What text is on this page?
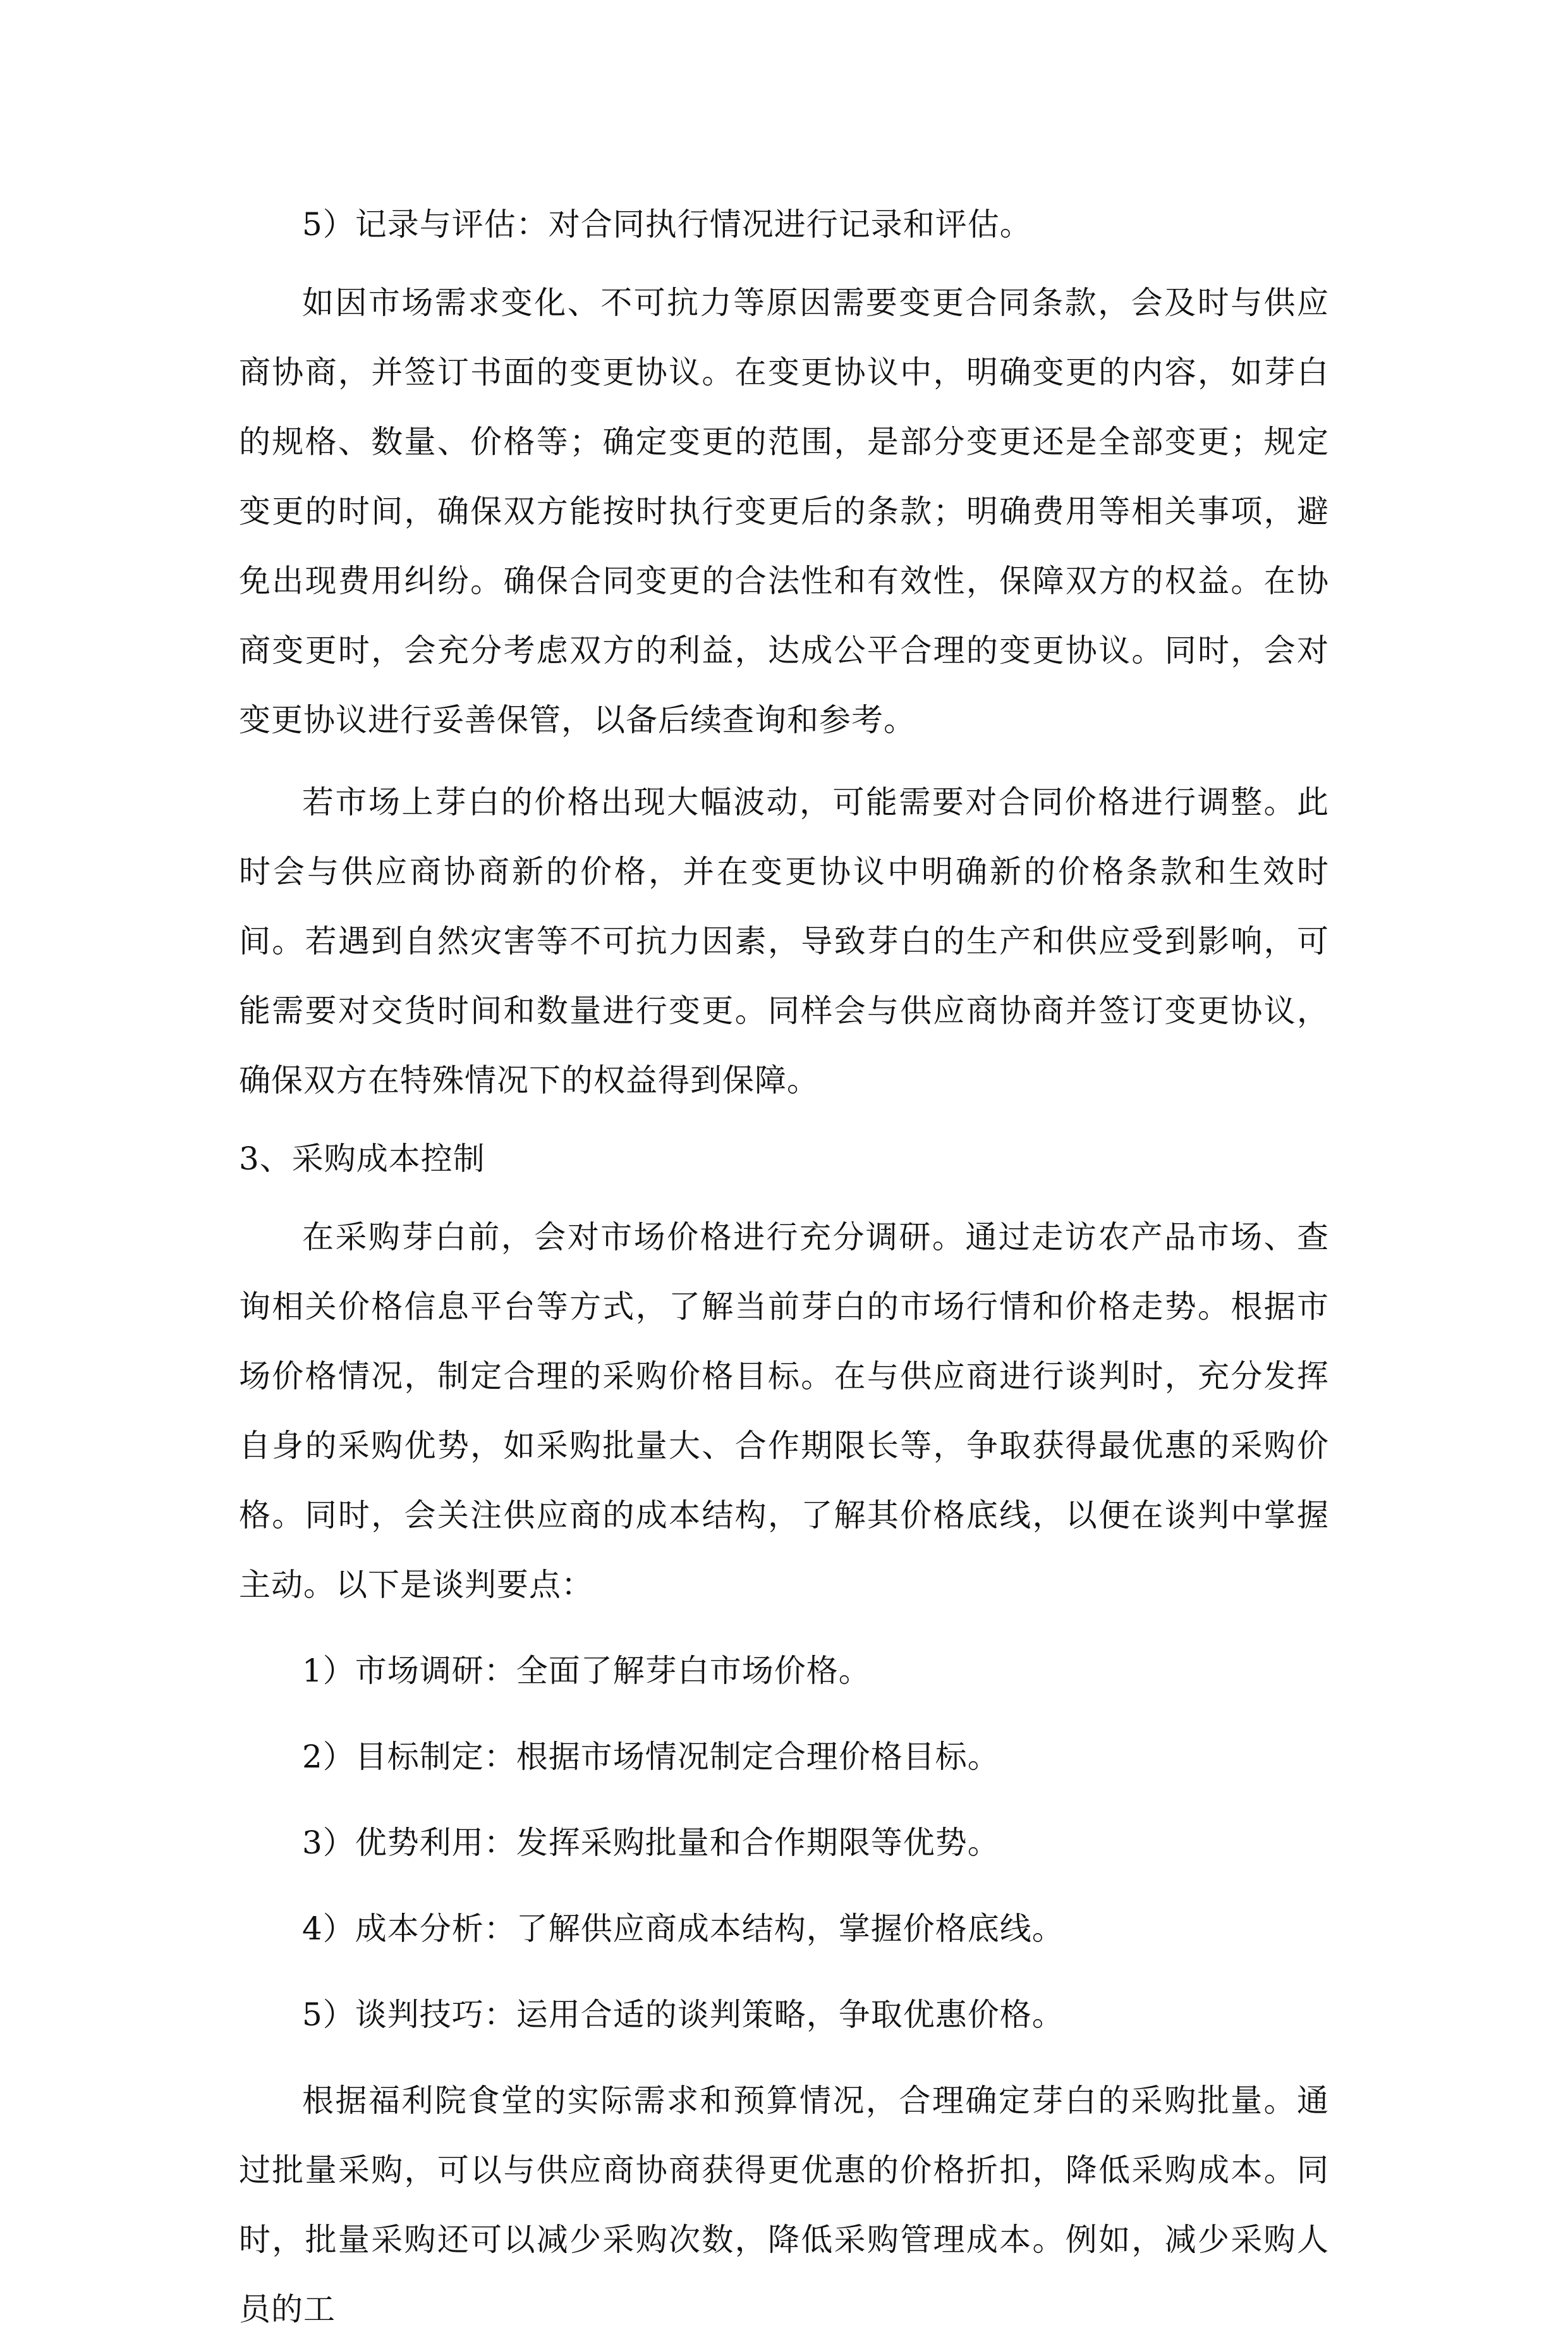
5）记录与评估：对合同执行情况进行记录和评估。

如因市场需求变化、不可抗力等原因需要变更合同条款，会及时与供应商协商，并签订书面的变更协议。在变更协议中，明确变更的内容，如芽白的规格、数量、价格等；确定变更的范围，是部分变更还是全部变更；规定变更的时间，确保双方能按时执行变更后的条款；明确费用等相关事项，避免出现费用纠纷。确保合同变更的合法性和有效性，保障双方的权益。在协商变更时，会充分考虑双方的利益，达成公平合理的变更协议。同时，会对变更协议进行妥善保管，以备后续查询和参考。

若市场上芽白的价格出现大幅波动，可能需要对合同价格进行调整。此时会与供应商协商新的价格，并在变更协议中明确新的价格条款和生效时间。若遇到自然灾害等不可抗力因素，导致芽白的生产和供应受到影响，可能需要对交货时间和数量进行变更。同样会与供应商协商并签订变更协议，确保双方在特殊情况下的权益得到保障。

3、采购成本控制

在采购芽白前，会对市场价格进行充分调研。通过走访农产品市场、查询相关价格信息平台等方式，了解当前芽白的市场行情和价格走势。根据市场价格情况，制定合理的采购价格目标。在与供应商进行谈判时，充分发挥自身的采购优势，如采购批量大、合作期限长等，争取获得最优惠的采购价格。同时，会关注供应商的成本结构，了解其价格底线，以便在谈判中掌握主动。以下是谈判要点：

1）市场调研：全面了解芽白市场价格。

2）目标制定：根据市场情况制定合理价格目标。

3）优势利用：发挥采购批量和合作期限等优势。

4）成本分析：了解供应商成本结构，掌握价格底线。

5）谈判技巧：运用合适的谈判策略，争取优惠价格。

根据福利院食堂的实际需求和预算情况，合理确定芽白的采购批量。通过批量采购，可以与供应商协商获得更优惠的价格折扣，降低采购成本。同时，批量采购还可以减少采购次数，降低采购管理成本。例如，减少采购人员的工
